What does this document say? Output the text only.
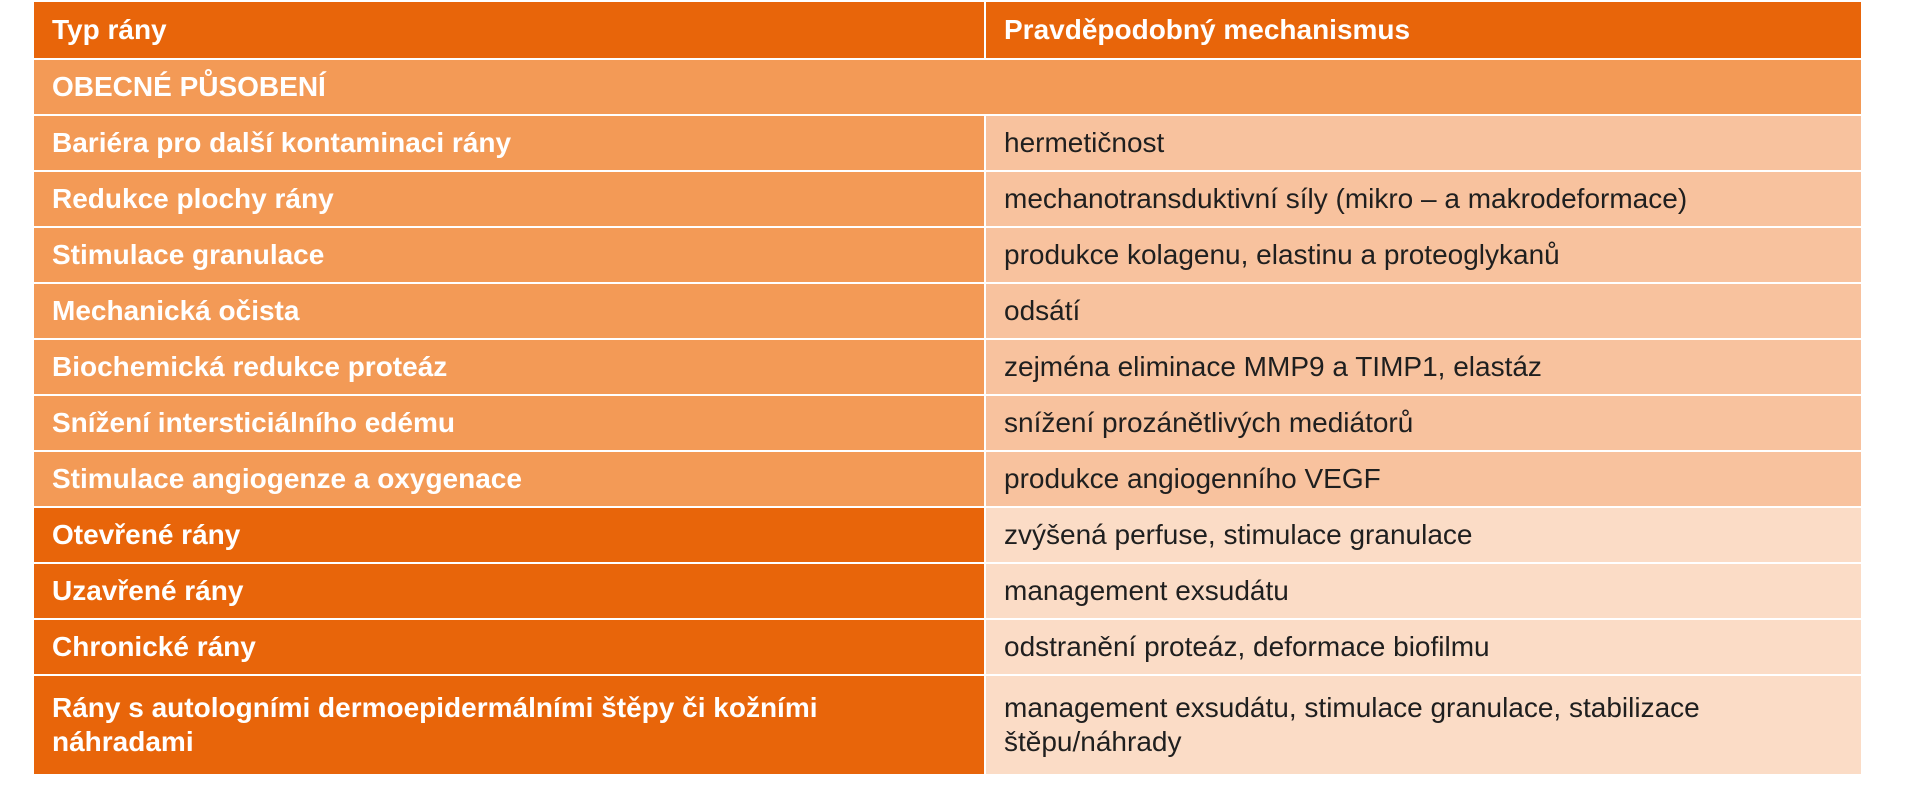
Typ rány	Pravděpodobný mechanismus
OBECNÉ PŮSOBENÍ	
Bariéra pro další kontaminaci rány	hermetičnost
Redukce plochy rány	mechanotransduktivní síly (mikro – a makrodeformace)
Stimulace granulace	produkce kolagenu, elastinu a proteoglykanů
Mechanická očista	odsátí
Biochemická redukce proteáz	zejména eliminace MMP9 a TIMP1, elastáz
Snížení intersticiálního edému	snížení prozánětlivých mediátorů
Stimulace angiogenze a oxygenace	produkce angiogenního VEGF
Otevřené rány	zvýšená perfuse, stimulace granulace
Uzavřené rány	management exsudátu
Chronické rány	odstranění proteáz, deformace biofilmu
Rány s autologními dermoepidermálními štěpy či kožními náhradami	management exsudátu, stimulace granulace, stabilizace štěpu/náhrady
